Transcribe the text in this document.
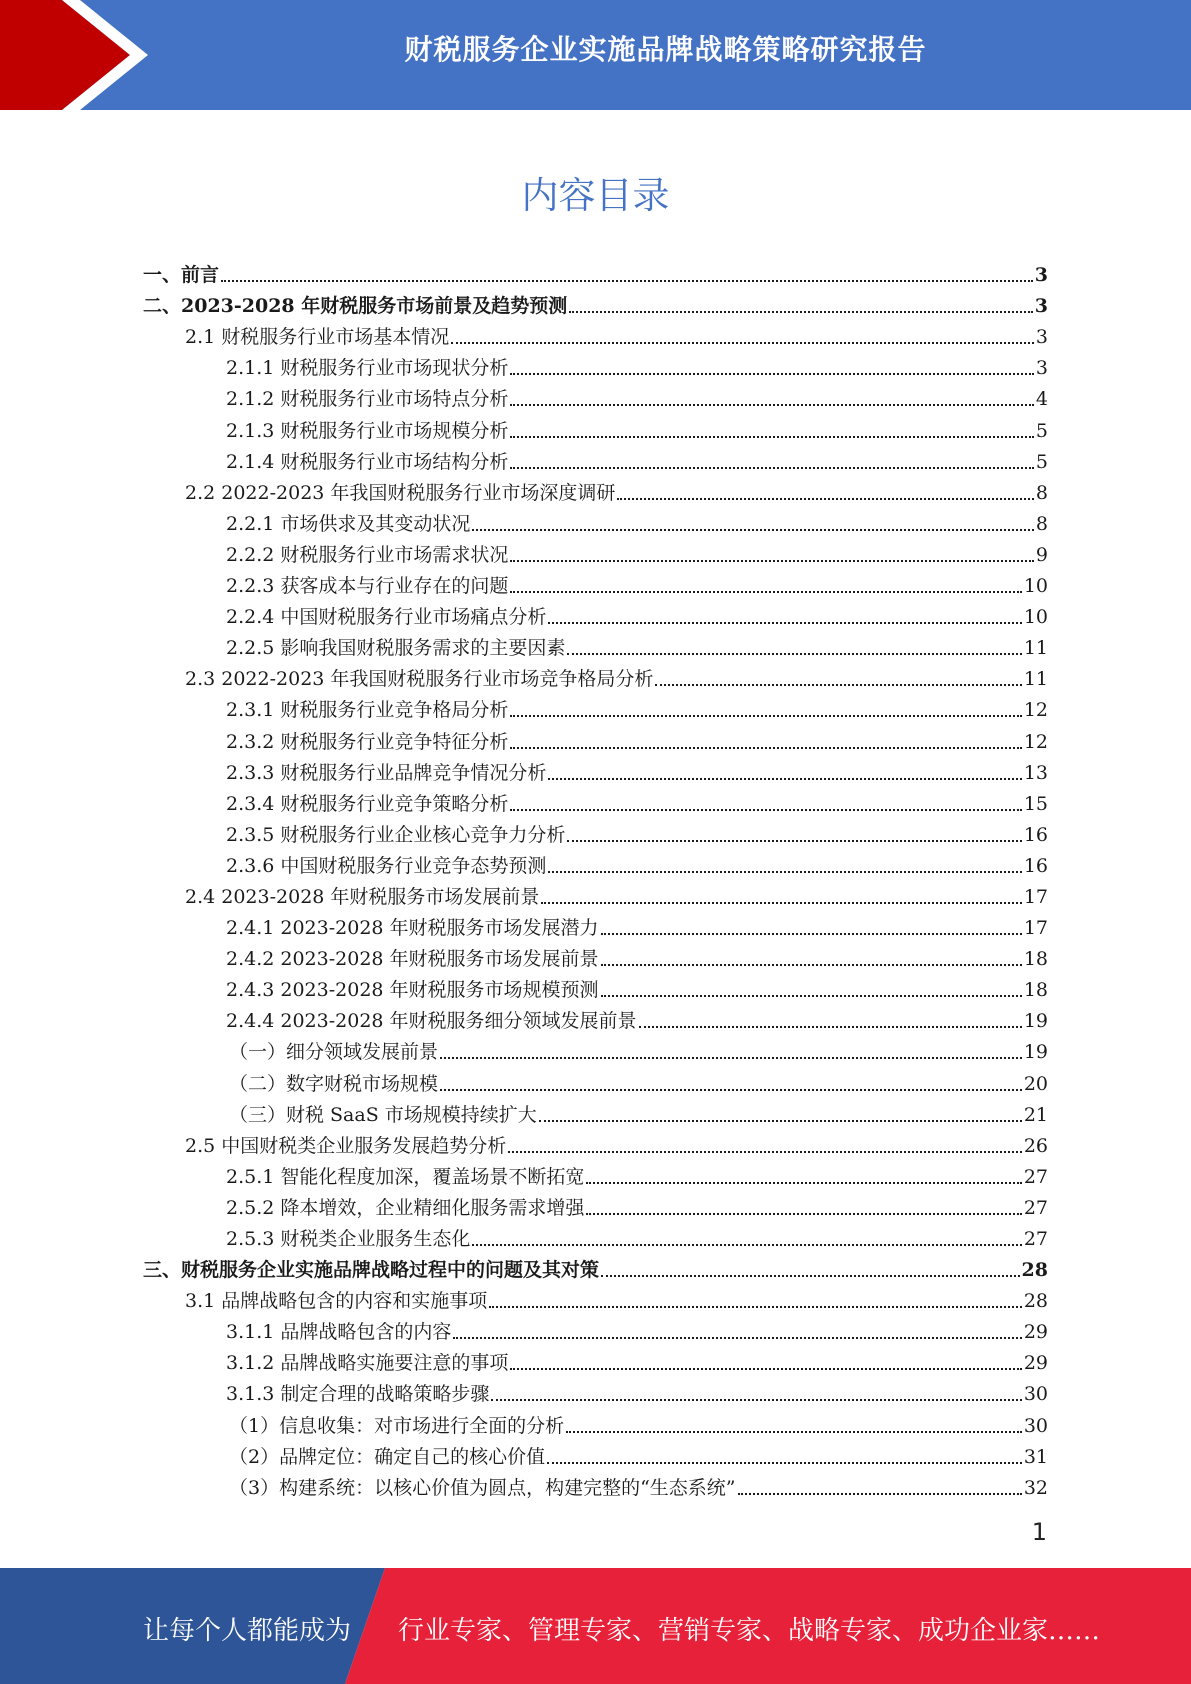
财税服务企业实施品牌战略策略研究报告
内容目录
一、前言	3
二、2023-2028 年财税服务市场前景及趋势预测	3
2.1 财税服务行业市场基本情况	3
2.1.1 财税服务行业市场现状分析	3
2.1.2 财税服务行业市场特点分析	4
2.1.3 财税服务行业市场规模分析	5
2.1.4 财税服务行业市场结构分析	5
2.2 2022-2023 年我国财税服务行业市场深度调研	8
2.2.1 市场供求及其变动状况	8
2.2.2 财税服务行业市场需求状况	9
2.2.3 获客成本与行业存在的问题	10
2.2.4 中国财税服务行业市场痛点分析	10
2.2.5 影响我国财税服务需求的主要因素	11
2.3 2022-2023 年我国财税服务行业市场竞争格局分析	11
2.3.1 财税服务行业竞争格局分析	12
2.3.2 财税服务行业竞争特征分析	12
2.3.3 财税服务行业品牌竞争情况分析	13
2.3.4 财税服务行业竞争策略分析	15
2.3.5 财税服务行业企业核心竞争力分析	16
2.3.6 中国财税服务行业竞争态势预测	16
2.4 2023-2028 年财税服务市场发展前景	17
2.4.1 2023-2028 年财税服务市场发展潜力	17
2.4.2 2023-2028 年财税服务市场发展前景	18
2.4.3 2023-2028 年财税服务市场规模预测	18
2.4.4 2023-2028 年财税服务细分领域发展前景	19
（一）细分领域发展前景	19
（二）数字财税市场规模	20
（三）财税 SaaS 市场规模持续扩大	21
2.5 中国财税类企业服务发展趋势分析	26
2.5.1 智能化程度加深，覆盖场景不断拓宽	27
2.5.2 降本增效，企业精细化服务需求增强	27
2.5.3 财税类企业服务生态化	27
三、财税服务企业实施品牌战略过程中的问题及其对策	28
3.1 品牌战略包含的内容和实施事项	28
3.1.1 品牌战略包含的内容	29
3.1.2 品牌战略实施要注意的事项	29
3.1.3 制定合理的战略策略步骤	30
（1）信息收集：对市场进行全面的分析	30
（2）品牌定位：确定自己的核心价值	31
（3）构建系统：以核心价值为圆点，构建完整的“生态系统”	32
1
让每个人都能成为 行业专家、管理专家、营销专家、战略专家、成功企业家……
